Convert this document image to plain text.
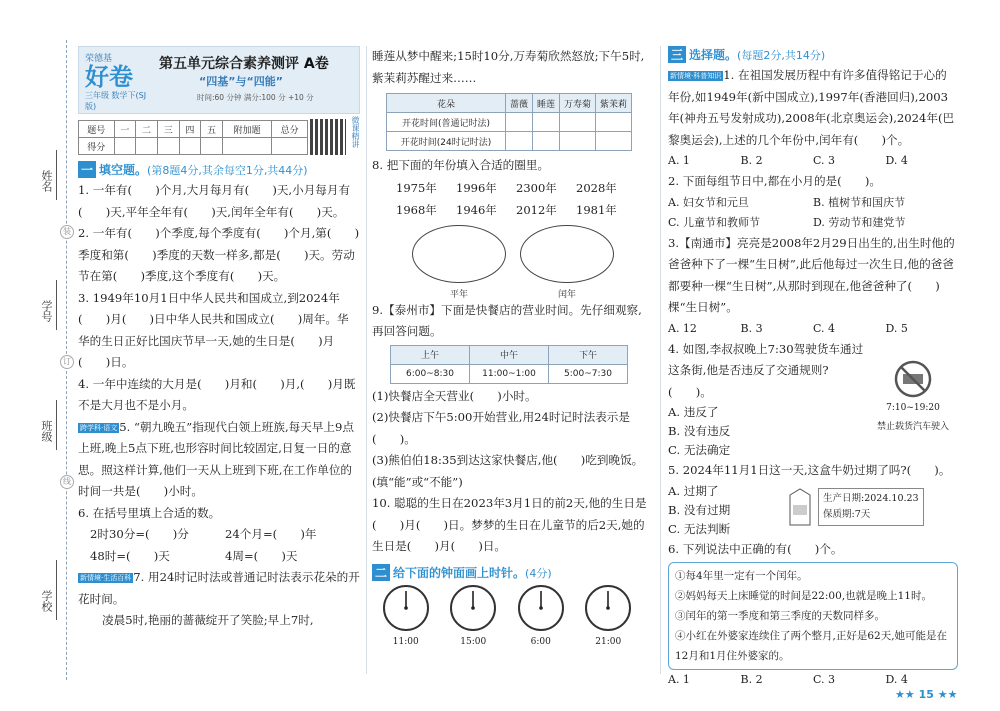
姓名
学号
班级
学校
装
订
线
荣德基
好卷
三年级 数学下(SJ版)
第五单元综合素养测评 A卷
“四基”与“四能”
时间:60 分钟 满分:100 分 +10 分
题号	一	二	三	四	五	附加题	总分
得分								微课精讲
一 填空题。(第8题4分,其余每空1分,共44分)
1. 一年有(　　)个月,大月每月有(　　)天,小月每月有(　　)天,平年全年有(　　)天,闰年全年有(　　)天。
2. 一年有(　　)个季度,每个季度有(　　)个月,第(　　)季度和第(　　)季度的天数一样多,都是(　　)天。劳动节在第(　　)季度,这个季度有(　　)天。
3. 1949年10月1日中华人民共和国成立,到2024年(　　)月(　　)日中华人民共和国成立(　　)周年。华华的生日正好比国庆节早一天,她的生日是(　　)月(　　)日。
4. 一年中连续的大月是(　　)月和(　　)月,(　　)月既不是大月也不是小月。
跨学科·语文 5. “朝九晚五”指现代白领上班族,每天早上9点上班,晚上5点下班,也形容时间比较固定,日复一日的意思。照这样计算,他们一天从上班到下班,在工作单位的时间一共是(　　)小时。
6. 在括号里填上合适的数。
2时30分=(　　)分	24个月=(　　)年
48时=(　　)天	4周=(　　)天
新情境·生活百科 7. 用24时记时法或普通记时法表示花朵的开花时间。
凌晨5时,艳丽的蔷薇绽开了笑脸;早上7时,
睡莲从梦中醒来;15时10分,万寿菊欣然怒放;下午5时,紫茉莉苏醒过来……
花朵	蔷薇	睡莲	万寿菊	紫茉莉
开花时间(普通记时法)				
开花时间(24时记时法)				
8. 把下面的年份填入合适的圈里。
1975年	1996年	2300年	2028年
1968年	1946年	2012年	1981年
平年	闰年
9.【泰州市】下面是快餐店的营业时间。先仔细观察,再回答问题。
上午	中午	下午
6:00~8:30	11:00~1:00	5:00~7:30
(1)快餐店全天营业(　　)小时。
(2)快餐店下午5:00开始营业,用24时记时法表示是(　　)。
(3)熊伯伯18:35到达这家快餐店,他(　　)吃到晚饭。(填“能”或“不能”)
10. 聪聪的生日在2023年3月1日的前2天,他的生日是(　　)月(　　)日。梦梦的生日在儿童节的后2天,她的生日是(　　)月(　　)日。
二 给下面的钟面画上时针。(4分)
11:00	15:00	6:00	21:00
三 选择题。(每题2分,共14分)
新情境·科普知识 1. 在祖国发展历程中有许多值得铭记于心的年份,如1949年(新中国成立),1997年(香港回归),2003年(神舟五号发射成功),2008年(北京奥运会),2024年(巴黎奥运会),上述的几个年份中,闰年有(　　)个。
A. 1	B. 2	C. 3	D. 4
2. 下面每组节日中,都在小月的是(　　)。
A. 妇女节和元旦	B. 植树节和国庆节
C. 儿童节和教师节	D. 劳动节和建党节
3.【南通市】亮亮是2008年2月29日出生的,出生时他的爸爸种下了一棵“生日树”,此后他每过一次生日,他的爸爸都要种一棵“生日树”,从那时到现在,他爸爸种了(　　)棵“生日树”。
A. 12	B. 3	C. 4	D. 5
4. 如图,李叔叔晚上7:30驾驶货车通过这条街,他是否违反了交通规则?(　　)。
A. 违反了
B. 没有违反
C. 无法确定
7:10~19:20
禁止载货汽车驶入
5. 2024年11月1日这一天,这盒牛奶过期了吗?(　　)。
A. 过期了
B. 没有过期
C. 无法判断
生产日期:2024.10.23
保质期:7天
6. 下列说法中正确的有(　　)个。
①每4年里一定有一个闰年。
②妈妈每天上床睡觉的时间是22:00,也就是晚上11时。
③闰年的第一季度和第三季度的天数同样多。
④小红在外婆家连续住了两个整月,正好是62天,她可能是在12月和1月住外婆家的。
A. 1	B. 2	C. 3	D. 4
★★ 15 ★★
